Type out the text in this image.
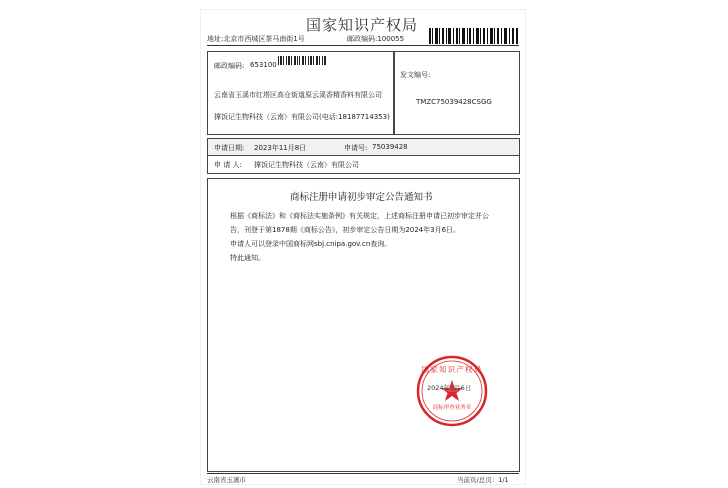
国家知识产权局
地址:北京市西城区茶马南街1号	邮政编码:100055
邮政编码: 653100
云南省玉溪市红塔区高仓街道原云溪香精香料有限公司
撑饭记生物科技（云南）有限公司(电话:18187714353)
发文编号:
TMZC75039428CSGG
申请日期: 2023年11月8日	申请号: 75039428
申 请 人: 撑饭记生物科技（云南）有限公司
商标注册申请初步审定公告通知书
根据《商标法》和《商标法实施条例》有关规定，上述商标注册申请已初步审定并公
告，刊登于第1878期《商标公告》，初步审定公告日期为2024年3月6日。
申请人可以登录中国商标网sbj.cnipa.gov.cn查询。
特此通知。
国家知识产权局
商标审查业务章
2024年3月6日
云南省玉溪市	当前页/总页：1/1
